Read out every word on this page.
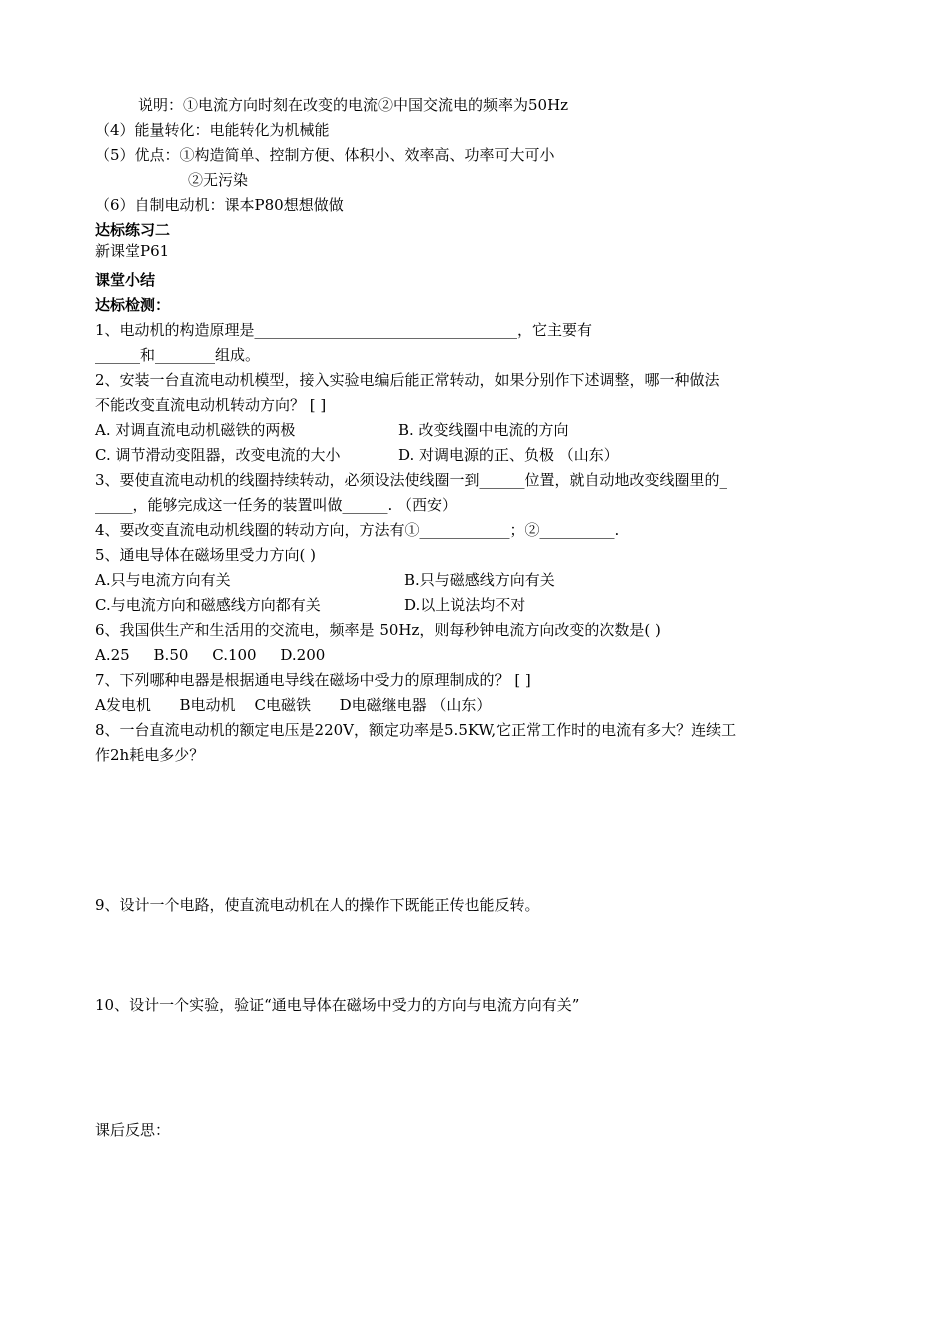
说明：①电流方向时刻在改变的电流②中国交流电的频率为50Hz
（4）能量转化：电能转化为机械能
（5）优点：①构造简单、控制方便、体积小、效率高、功率可大可小
②无污染
（6）自制电动机：课本P80想想做做
达标练习二
新课堂P61
课堂小结
达标检测：
1、电动机的构造原理是___________________________________，它主要有
______和________组成。
2、安装一台直流电动机模型，接入实验电编后能正常转动，如果分别作下述调整，哪一种做法
不能改变直流电动机转动方向？ [ ]
A. 对调直流电动机磁铁的两极	B. 改变线圈中电流的方向
C. 调节滑动变阻器，改变电流的大小	D. 对调电源的正、负极 （山东）
3、要使直流电动机的线圈持续转动，必须设法使线圈一到______位置，就自动地改变线圈里的_
_____，能够完成这一任务的装置叫做______. （西安）
4、要改变直流电动机线圈的转动方向，方法有①____________；②__________.
5、通电导体在磁场里受力方向( )
A.只与电流方向有关	B.只与磁感线方向有关
C.与电流方向和磁感线方向都有关	D.以上说法均不对
6、我国供生产和生活用的交流电，频率是 50Hz，则每秒钟电流方向改变的次数是( )
A.25     B.50     C.100     D.200
7、下列哪种电器是根据通电导线在磁场中受力的原理制成的？ [ ]
A发电机      B电动机    C电磁铁      D电磁继电器 （山东）
8、一台直流电动机的额定电压是220V，额定功率是5.5KW,它正常工作时的电流有多大？连续工
作2h耗电多少？
9、设计一个电路，使直流电动机在人的操作下既能正传也能反转。
10、设计一个实验，验证“通电导体在磁场中受力的方向与电流方向有关”
课后反思：
